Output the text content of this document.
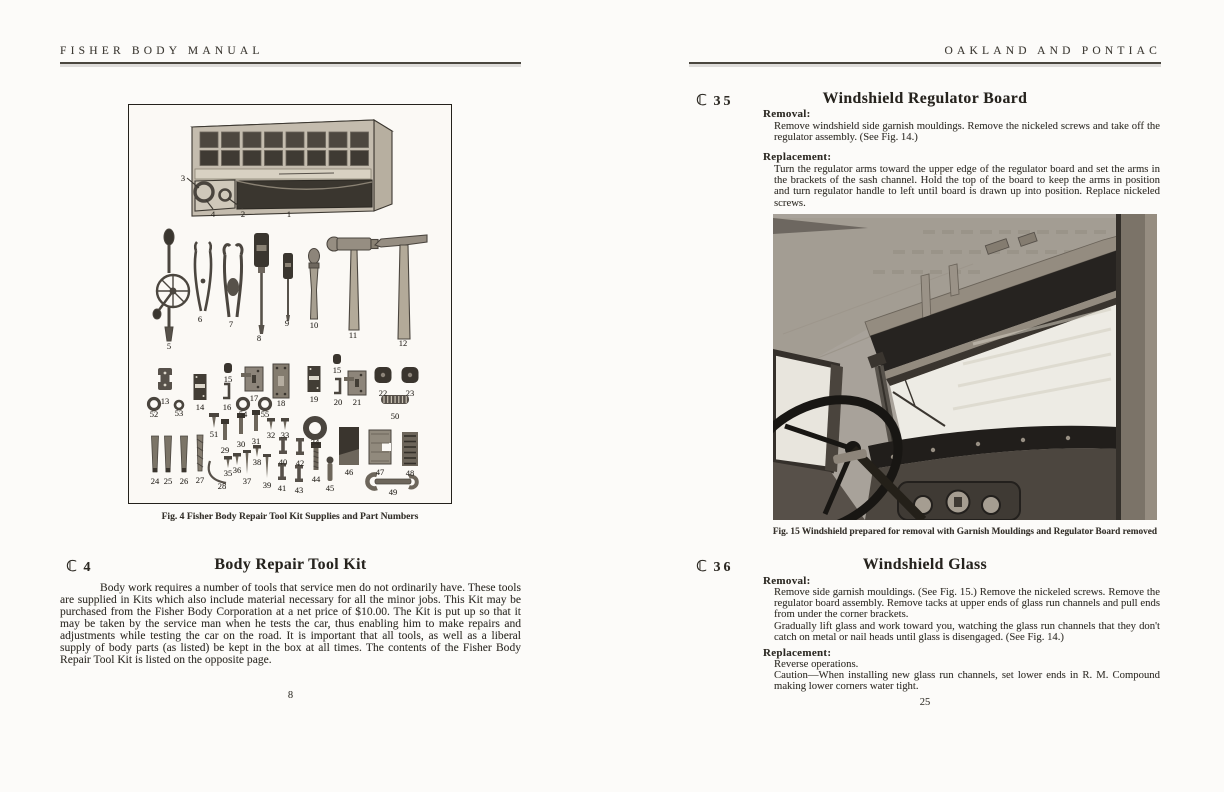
FISHER BODY MANUAL
1
2
3
4
5
6	7
8
9 10
11
12
13
52 53
14
15
16
54
17
55
18	19
15
20 21
22 23
50
24 25 26 27
51
28
29
30 31
32 33
35 36
37
38
39
40
41
42
43
34
44
45
46	47	48
49
Fig. 4 Fisher Body Repair Tool Kit Supplies and Part Numbers
ℂ 4	Body Repair Tool Kit

Body work requires a number of tools that service men do not ordinarily have. These tools are supplied in Kits which also include material necessary for all the minor jobs. This Kit may be purchased from the Fisher Body Corporation at a net price of $10.00. The Kit is put up so that it may be taken by the service man when he tests the car, thus enabling him to make repairs and adjustments while testing the car on the road. It is important that all tools, as well as a liberal supply of body parts (as listed) be kept in the box at all times. The contents of the Fisher Body Repair Tool Kit is listed on the opposite page.

8
OAKLAND AND PONTIAC
ℂ 35	Windshield Regulator Board
Removal:
Remove windshield side garnish mouldings. Remove the nickeled screws and take off the regulator assembly. (See Fig. 14.)
Replacement:
Turn the regulator arms toward the upper edge of the regulator board and set the arms in the brackets of the sash channel. Hold the top of the board to keep the arms in position and turn regulator handle to left until board is drawn up into position. Replace nickeled screws.
Fig. 15 Windshield prepared for removal with Garnish Mouldings and Regulator Board removed
ℂ 36	Windshield Glass
Removal:
Remove side garnish mouldings. (See Fig. 15.) Remove the nickeled screws. Remove the regulator board assembly. Remove tacks at upper ends of glass run channels and pull ends from under the corner brackets.
Gradually lift glass and work toward you, watching the glass run channels that they don't catch on metal or nail heads until glass is disengaged. (See Fig. 14.)
Replacement:
Reverse operations.
Caution—When installing new glass run channels, set lower ends in R. M. Compound making lower corners water tight.
25
